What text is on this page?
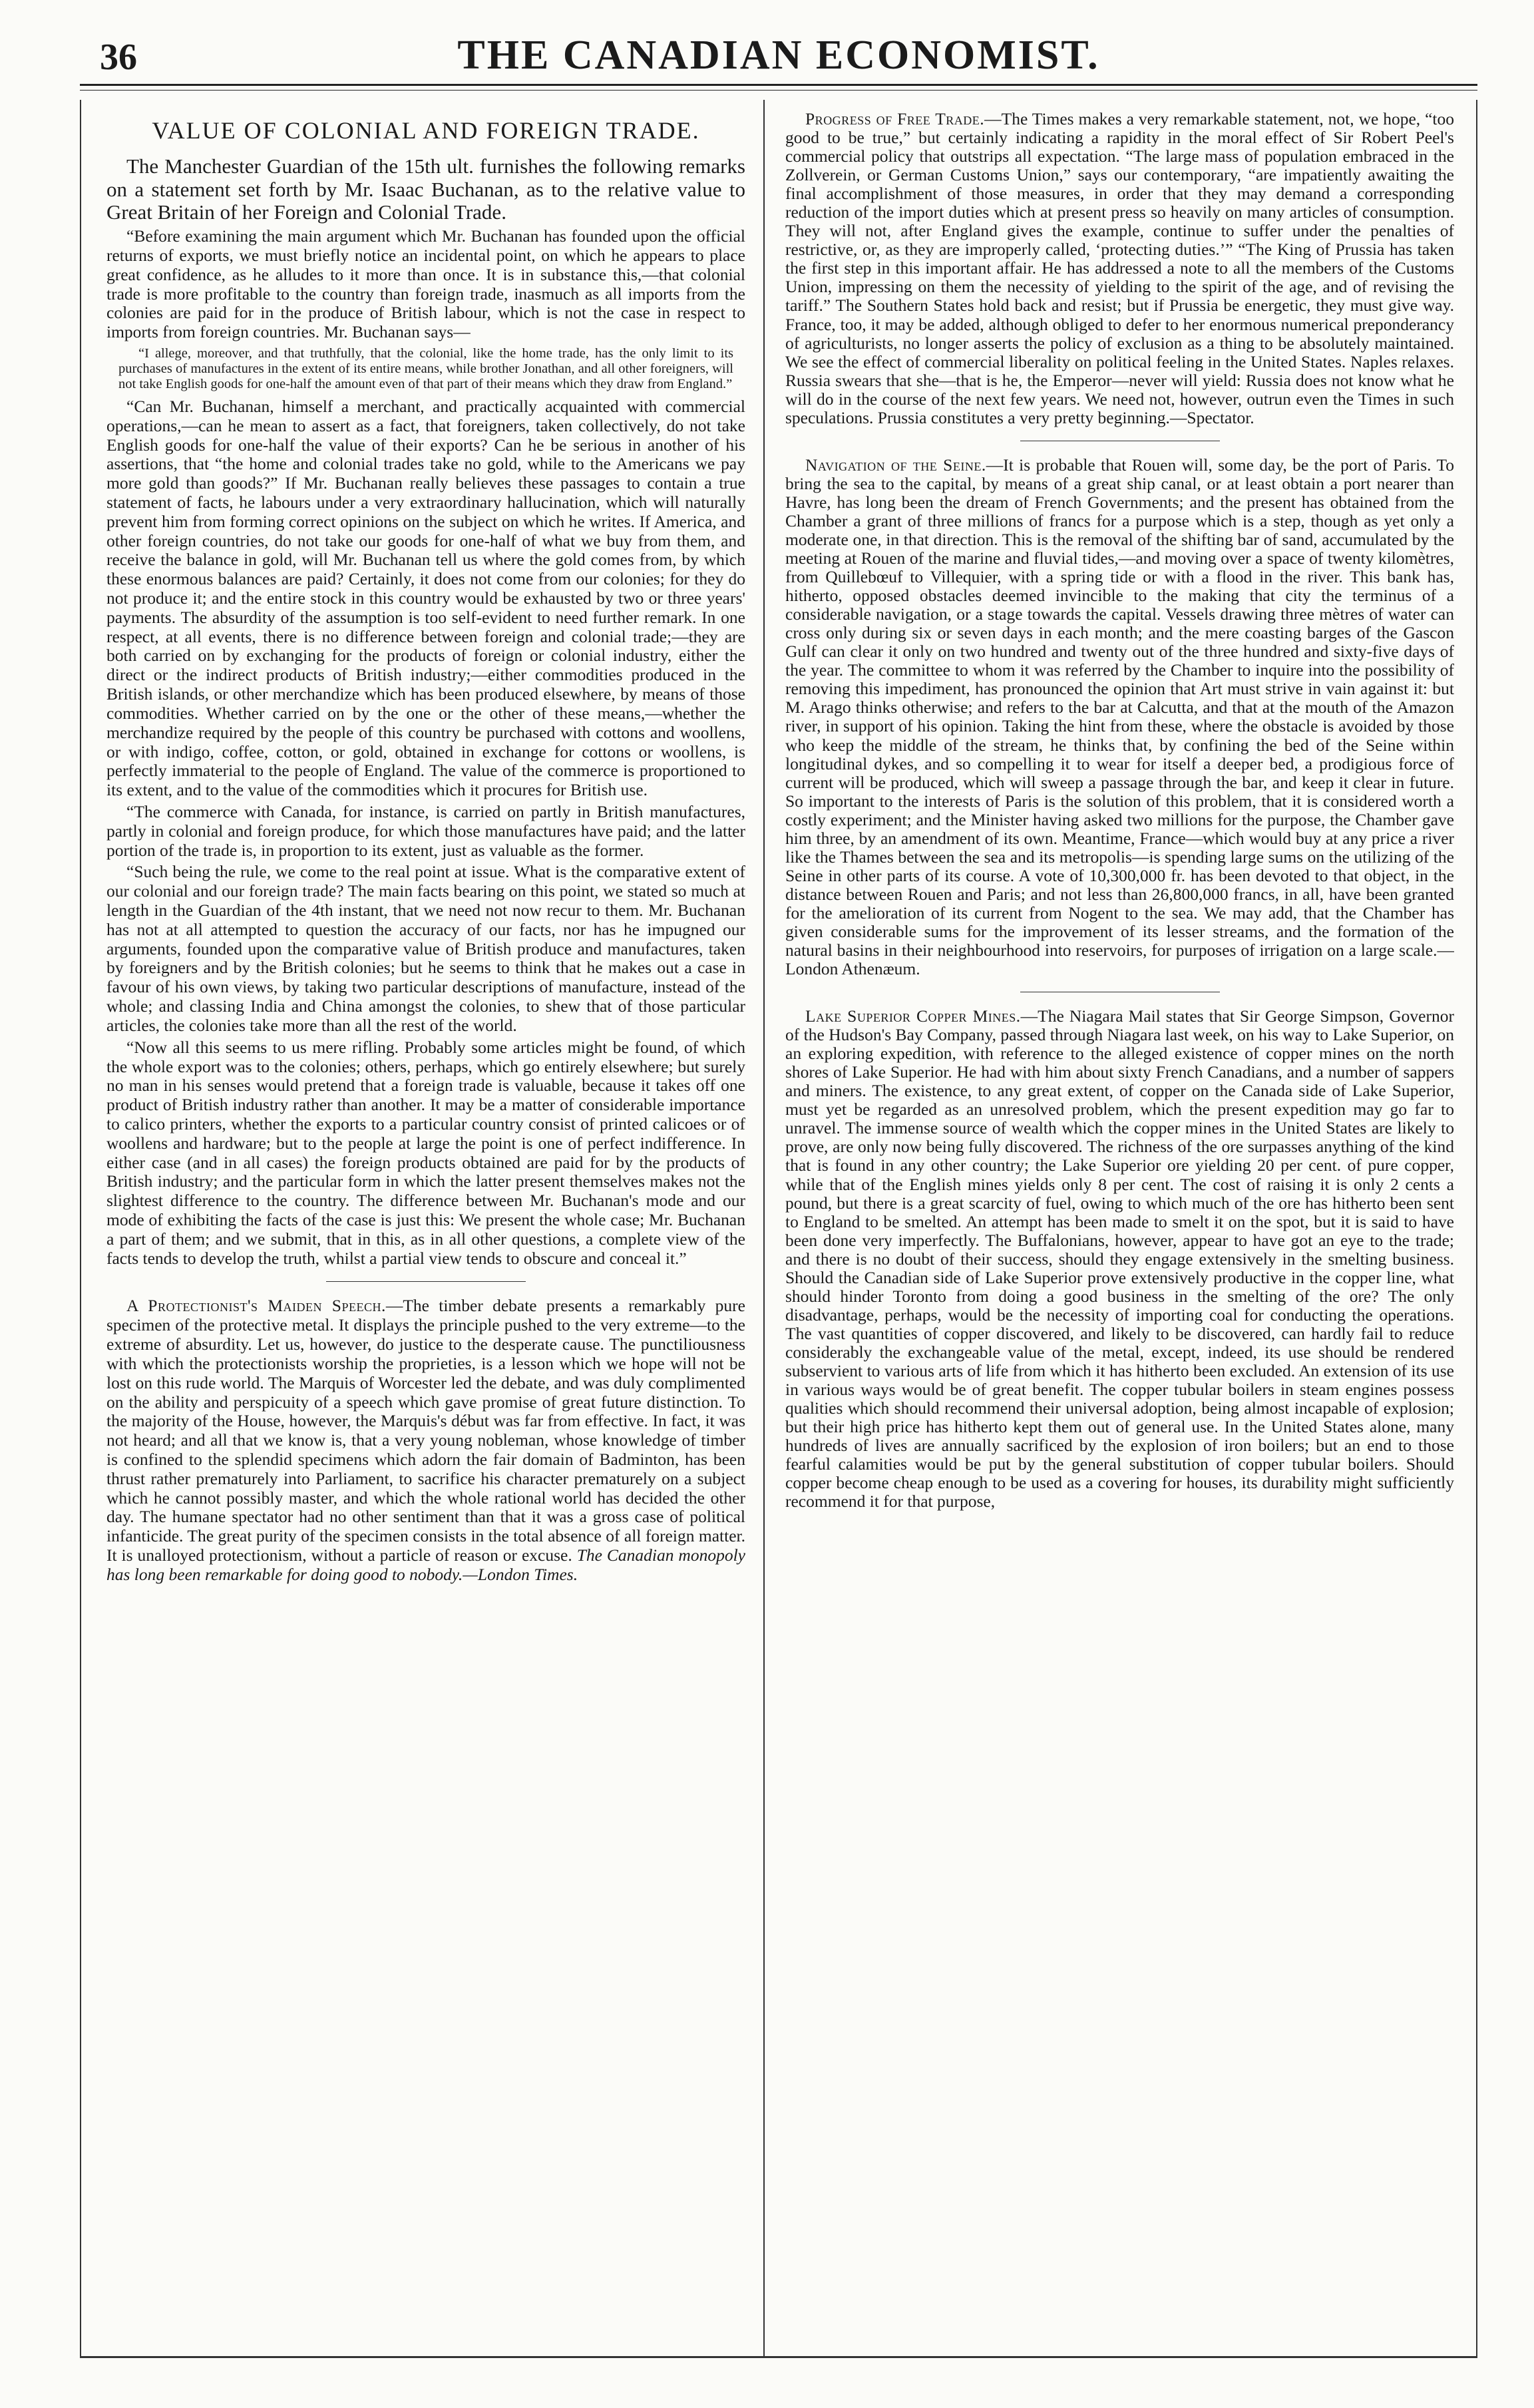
36	THE CANADIAN ECONOMIST.
VALUE OF COLONIAL AND FOREIGN TRADE.

The Manchester Guardian of the 15th ult. furnishes the following remarks on a statement set forth by Mr. Isaac Buchanan, as to the relative value to Great Britain of her Foreign and Colonial Trade.

“Before examining the main argument which Mr. Buchanan has founded upon the official returns of exports, we must briefly notice an incidental point, on which he appears to place great confidence, as he alludes to it more than once. It is in substance this,—that colonial trade is more profitable to the country than foreign trade, inasmuch as all imports from the colonies are paid for in the produce of British labour, which is not the case in respect to imports from foreign countries. Mr. Buchanan says—

“I allege, moreover, and that truthfully, that the colonial, like the home trade, has the only limit to its purchases of manufactures in the extent of its entire means, while brother Jonathan, and all other foreigners, will not take English goods for one-half the amount even of that part of their means which they draw from England.”

“Can Mr. Buchanan, himself a merchant, and practically acquainted with commercial operations,—can he mean to assert as a fact, that foreigners, taken collectively, do not take English goods for one-half the value of their exports? Can he be serious in another of his assertions, that “the home and colonial trades take no gold, while to the Americans we pay more gold than goods?” If Mr. Buchanan really believes these passages to contain a true statement of facts, he labours under a very extraordinary hallucination, which will naturally prevent him from forming correct opinions on the subject on which he writes. If America, and other foreign countries, do not take our goods for one-half of what we buy from them, and receive the balance in gold, will Mr. Buchanan tell us where the gold comes from, by which these enormous balances are paid? Certainly, it does not come from our colonies; for they do not produce it; and the entire stock in this country would be exhausted by two or three years' payments. The absurdity of the assumption is too self-evident to need further remark. In one respect, at all events, there is no difference between foreign and colonial trade;—they are both carried on by exchanging for the products of foreign or colonial industry, either the direct or the indirect products of British industry;—either commodities produced in the British islands, or other merchandize which has been produced elsewhere, by means of those commodities. Whether carried on by the one or the other of these means,—whether the merchandize required by the people of this country be purchased with cottons and woollens, or with indigo, coffee, cotton, or gold, obtained in exchange for cottons or woollens, is perfectly immaterial to the people of England. The value of the commerce is proportioned to its extent, and to the value of the commodities which it procures for British use.

“The commerce with Canada, for instance, is carried on partly in British manufactures, partly in colonial and foreign produce, for which those manufactures have paid; and the latter portion of the trade is, in proportion to its extent, just as valuable as the former.

“Such being the rule, we come to the real point at issue. What is the comparative extent of our colonial and our foreign trade? The main facts bearing on this point, we stated so much at length in the Guardian of the 4th instant, that we need not now recur to them. Mr. Buchanan has not at all attempted to question the accuracy of our facts, nor has he impugned our arguments, founded upon the comparative value of British produce and manufactures, taken by foreigners and by the British colonies; but he seems to think that he makes out a case in favour of his own views, by taking two particular descriptions of manufacture, instead of the whole; and classing India and China amongst the colonies, to shew that of those particular articles, the colonies take more than all the rest of the world.

“Now all this seems to us mere rifling. Probably some articles might be found, of which the whole export was to the colonies; others, perhaps, which go entirely elsewhere; but surely no man in his senses would pretend that a foreign trade is valuable, because it takes off one product of British industry rather than another. It may be a matter of considerable importance to calico printers, whether the exports to a particular country consist of printed calicoes or of woollens and hardware; but to the people at large the point is one of perfect indifference. In either case (and in all cases) the foreign products obtained are paid for by the products of British industry; and the particular form in which the latter present themselves makes not the slightest difference to the country. The difference between Mr. Buchanan's mode and our mode of exhibiting the facts of the case is just this: We present the whole case; Mr. Buchanan a part of them; and we submit, that in this, as in all other questions, a complete view of the facts tends to develop the truth, whilst a partial view tends to obscure and conceal it.”

A Protectionist's Maiden Speech.—The timber debate presents a remarkably pure specimen of the protective metal. It displays the principle pushed to the very extreme—to the extreme of absurdity. Let us, however, do justice to the desperate cause. The punctiliousness with which the protectionists worship the proprieties, is a lesson which we hope will not be lost on this rude world. The Marquis of Worcester led the debate, and was duly complimented on the ability and perspicuity of a speech which gave promise of great future distinction. To the majority of the House, however, the Marquis's début was far from effective. In fact, it was not heard; and all that we know is, that a very young nobleman, whose knowledge of timber is confined to the splendid specimens which adorn the fair domain of Badminton, has been thrust rather prematurely into Parliament, to sacrifice his character prematurely on a subject which he cannot possibly master, and which the whole rational world has decided the other day. The humane spectator had no other sentiment than that it was a gross case of political infanticide. The great purity of the specimen consists in the total absence of all foreign matter. It is unalloyed protectionism, without a particle of reason or excuse. The Canadian monopoly has long been remarkable for doing good to nobody.—London Times.

Progress of Free Trade.—The Times makes a very remarkable statement, not, we hope, “too good to be true,” but certainly indicating a rapidity in the moral effect of Sir Robert Peel's commercial policy that outstrips all expectation. “The large mass of population embraced in the Zollverein, or German Customs Union,” says our contemporary, “are impatiently awaiting the final accomplishment of those measures, in order that they may demand a corresponding reduction of the import duties which at present press so heavily on many articles of consumption. They will not, after England gives the example, continue to suffer under the penalties of restrictive, or, as they are improperly called, ‘protecting duties.’” “The King of Prussia has taken the first step in this important affair. He has addressed a note to all the members of the Customs Union, impressing on them the necessity of yielding to the spirit of the age, and of revising the tariff.” The Southern States hold back and resist; but if Prussia be energetic, they must give way. France, too, it may be added, although obliged to defer to her enormous numerical preponderancy of agriculturists, no longer asserts the policy of exclusion as a thing to be absolutely maintained. We see the effect of commercial liberality on political feeling in the United States. Naples relaxes. Russia swears that she—that is he, the Emperor—never will yield: Russia does not know what he will do in the course of the next few years. We need not, however, outrun even the Times in such speculations. Prussia constitutes a very pretty beginning.—Spectator.

Navigation of the Seine.—It is probable that Rouen will, some day, be the port of Paris. To bring the sea to the capital, by means of a great ship canal, or at least obtain a port nearer than Havre, has long been the dream of French Governments; and the present has obtained from the Chamber a grant of three millions of francs for a purpose which is a step, though as yet only a moderate one, in that direction. This is the removal of the shifting bar of sand, accumulated by the meeting at Rouen of the marine and fluvial tides,—and moving over a space of twenty kilomètres, from Quillebœuf to Villequier, with a spring tide or with a flood in the river. This bank has, hitherto, opposed obstacles deemed invincible to the making that city the terminus of a considerable navigation, or a stage towards the capital. Vessels drawing three mètres of water can cross only during six or seven days in each month; and the mere coasting barges of the Gascon Gulf can clear it only on two hundred and twenty out of the three hundred and sixty-five days of the year. The committee to whom it was referred by the Chamber to inquire into the possibility of removing this impediment, has pronounced the opinion that Art must strive in vain against it: but M. Arago thinks otherwise; and refers to the bar at Calcutta, and that at the mouth of the Amazon river, in support of his opinion. Taking the hint from these, where the obstacle is avoided by those who keep the middle of the stream, he thinks that, by confining the bed of the Seine within longitudinal dykes, and so compelling it to wear for itself a deeper bed, a prodigious force of current will be produced, which will sweep a passage through the bar, and keep it clear in future. So important to the interests of Paris is the solution of this problem, that it is considered worth a costly experiment; and the Minister having asked two millions for the purpose, the Chamber gave him three, by an amendment of its own. Meantime, France—which would buy at any price a river like the Thames between the sea and its metropolis—is spending large sums on the utilizing of the Seine in other parts of its course. A vote of 10,300,000 fr. has been devoted to that object, in the distance between Rouen and Paris; and not less than 26,800,000 francs, in all, have been granted for the amelioration of its current from Nogent to the sea. We may add, that the Chamber has given considerable sums for the improvement of its lesser streams, and the formation of the natural basins in their neighbourhood into reservoirs, for purposes of irrigation on a large scale.—London Athenæum.

Lake Superior Copper Mines.—The Niagara Mail states that Sir George Simpson, Governor of the Hudson's Bay Company, passed through Niagara last week, on his way to Lake Superior, on an exploring expedition, with reference to the alleged existence of copper mines on the north shores of Lake Superior. He had with him about sixty French Canadians, and a number of sappers and miners. The existence, to any great extent, of copper on the Canada side of Lake Superior, must yet be regarded as an unresolved problem, which the present expedition may go far to unravel. The immense source of wealth which the copper mines in the United States are likely to prove, are only now being fully discovered. The richness of the ore surpasses anything of the kind that is found in any other country; the Lake Superior ore yielding 20 per cent. of pure copper, while that of the English mines yields only 8 per cent. The cost of raising it is only 2 cents a pound, but there is a great scarcity of fuel, owing to which much of the ore has hitherto been sent to England to be smelted. An attempt has been made to smelt it on the spot, but it is said to have been done very imperfectly. The Buffalonians, however, appear to have got an eye to the trade; and there is no doubt of their success, should they engage extensively in the smelting business. Should the Canadian side of Lake Superior prove extensively productive in the copper line, what should hinder Toronto from doing a good business in the smelting of the ore? The only disadvantage, perhaps, would be the necessity of importing coal for conducting the operations. The vast quantities of copper discovered, and likely to be discovered, can hardly fail to reduce considerably the exchangeable value of the metal, except, indeed, its use should be rendered subservient to various arts of life from which it has hitherto been excluded. An extension of its use in various ways would be of great benefit. The copper tubular boilers in steam engines possess qualities which should recommend their universal adoption, being almost incapable of explosion; but their high price has hitherto kept them out of general use. In the United States alone, many hundreds of lives are annually sacrificed by the explosion of iron boilers; but an end to those fearful calamities would be put by the general substitution of copper tubular boilers. Should copper become cheap enough to be used as a covering for houses, its durability might sufficiently recommend it for that purpose,
